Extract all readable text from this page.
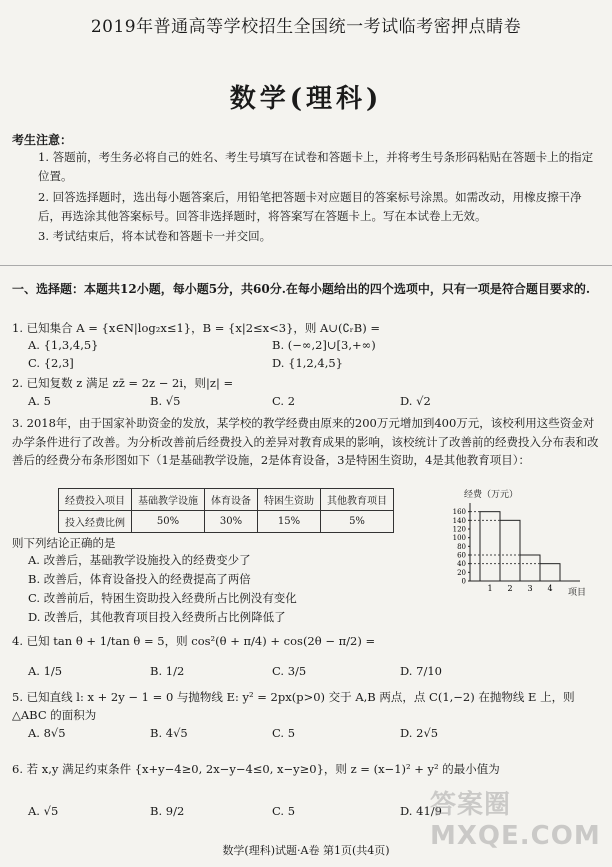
2019年普通高等学校招生全国统一考试临考密押点睛卷
数学(理科)
考生注意：
1. 答题前，考生务必将自己的姓名、考生号填写在试卷和答题卡上，并将考生号条形码粘贴在答题卡上的指定位置。
2. 回答选择题时，选出每小题答案后，用铅笔把答题卡对应题目的答案标号涂黑。如需改动，用橡皮擦干净后，再选涂其他答案标号。回答非选择题时，将答案写在答题卡上。写在本试卷上无效。
3. 考试结束后，将本试卷和答题卡一并交回。
一、选择题：本题共12小题，每小题5分，共60分.在每小题给出的四个选项中，只有一项是符合题目要求的.
1. 已知集合 A = {x∈N|log₂x≤1}，B = {x|2≤x<3}，则 A∪(∁ᵣB) =
A. {1,3,4,5}	B. (−∞,2]∪[3,+∞)
C. {2,3]	D. {1,2,4,5}
2. 已知复数 z 满足 zz̄ = 2z − 2i，则|z| =
A. 5	B. √5	C. 2	D. √2
3. 2018年，由于国家补助资金的发放，某学校的教学经费由原来的200万元增加到400万元，该校利用这些资金对办学条件进行了改善。为分析改善前后经费投入的差异对教育成果的影响，该校统计了改善前的经费投入分布表和改善后的经费分布条形图如下（1是基础教学设施，2是体育设备，3是特困生资助，4是其他教育项目）：
经费投入项目	基础教学设施	体育设备	特困生资助	其他教育项目
投入经费比例	50%	30%	15%	5%
经费（万元）
项目
0
20
40
60
80
100
120
140
160
1 2 3 4
则下列结论正确的是
A. 改善后，基础教学设施投入的经费变少了
B. 改善后，体育设备投入的经费提高了两倍
C. 改善前后，特困生资助投入经费所占比例没有变化
D. 改善后，其他教育项目投入经费所占比例降低了
4. 已知 tan θ + 1/tan θ = 5，则 cos²(θ + π/4) + cos(2θ − π/2) =
A. 1/5	B. 1/2	C. 3/5	D. 7/10
5. 已知直线 l: x + 2y − 1 = 0 与抛物线 E: y² = 2px(p>0) 交于 A,B 两点，点 C(1,−2) 在抛物线 E 上，则 △ABC 的面积为
A. 8√5	B. 4√5	C. 5	D. 2√5
6. 若 x,y 满足约束条件 {x+y−4≥0, 2x−y−4≤0, x−y≥0}，则 z = (x−1)² + y² 的最小值为
A. √5	B. 9/2	C. 5	D. 41/9
数学(理科)试题·A卷 第1页(共4页)
答案圈 MXQE.COM
